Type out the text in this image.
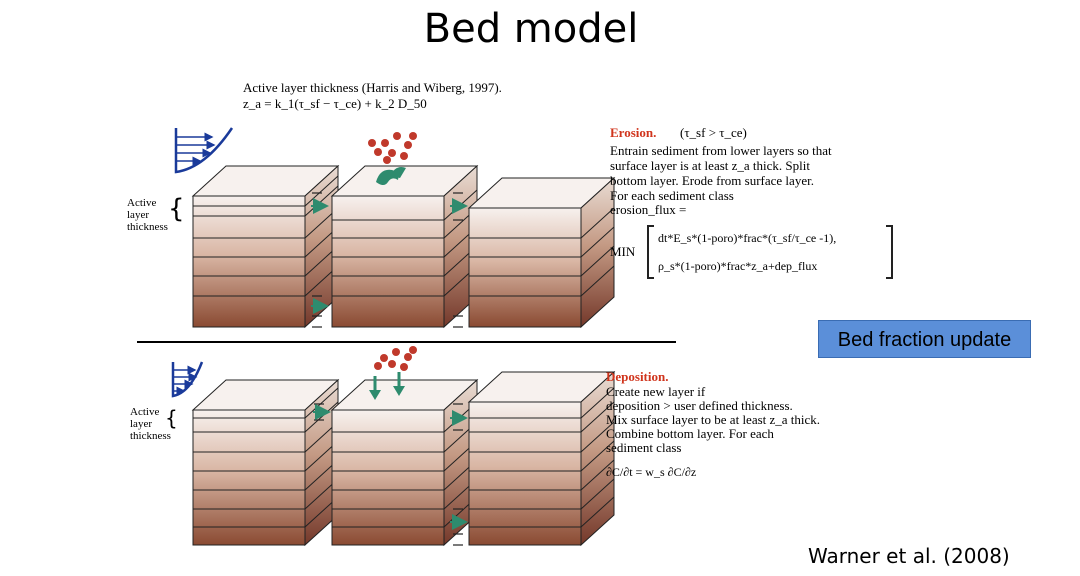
Bed model
Active layer thickness (Harris and Wiberg, 1997).
z_a = k_1(τ_sf − τ_ce) + k_2 D_50
Active
layer
thickness
{
Erosion. (τ_sf > τ_ce)
Entrain sediment from lower layers so that
surface layer is at least z_a thick. Split
bottom layer. Erode from surface layer.
For each sediment class
erosion_flux =
MIN
dt*E_s*(1-poro)*frac*(τ_sf/τ_ce -1),
ρ_s*(1-poro)*frac*z_a+dep_flux
Active
layer
thickness
{
Deposition.
Create new layer if
deposition > user defined thickness.
Mix surface layer to be at least z_a thick.
Combine bottom layer. For each
sediment class
∂C/∂t = w_s ∂C/∂z
Bed fraction update
Warner et al. (2008)
